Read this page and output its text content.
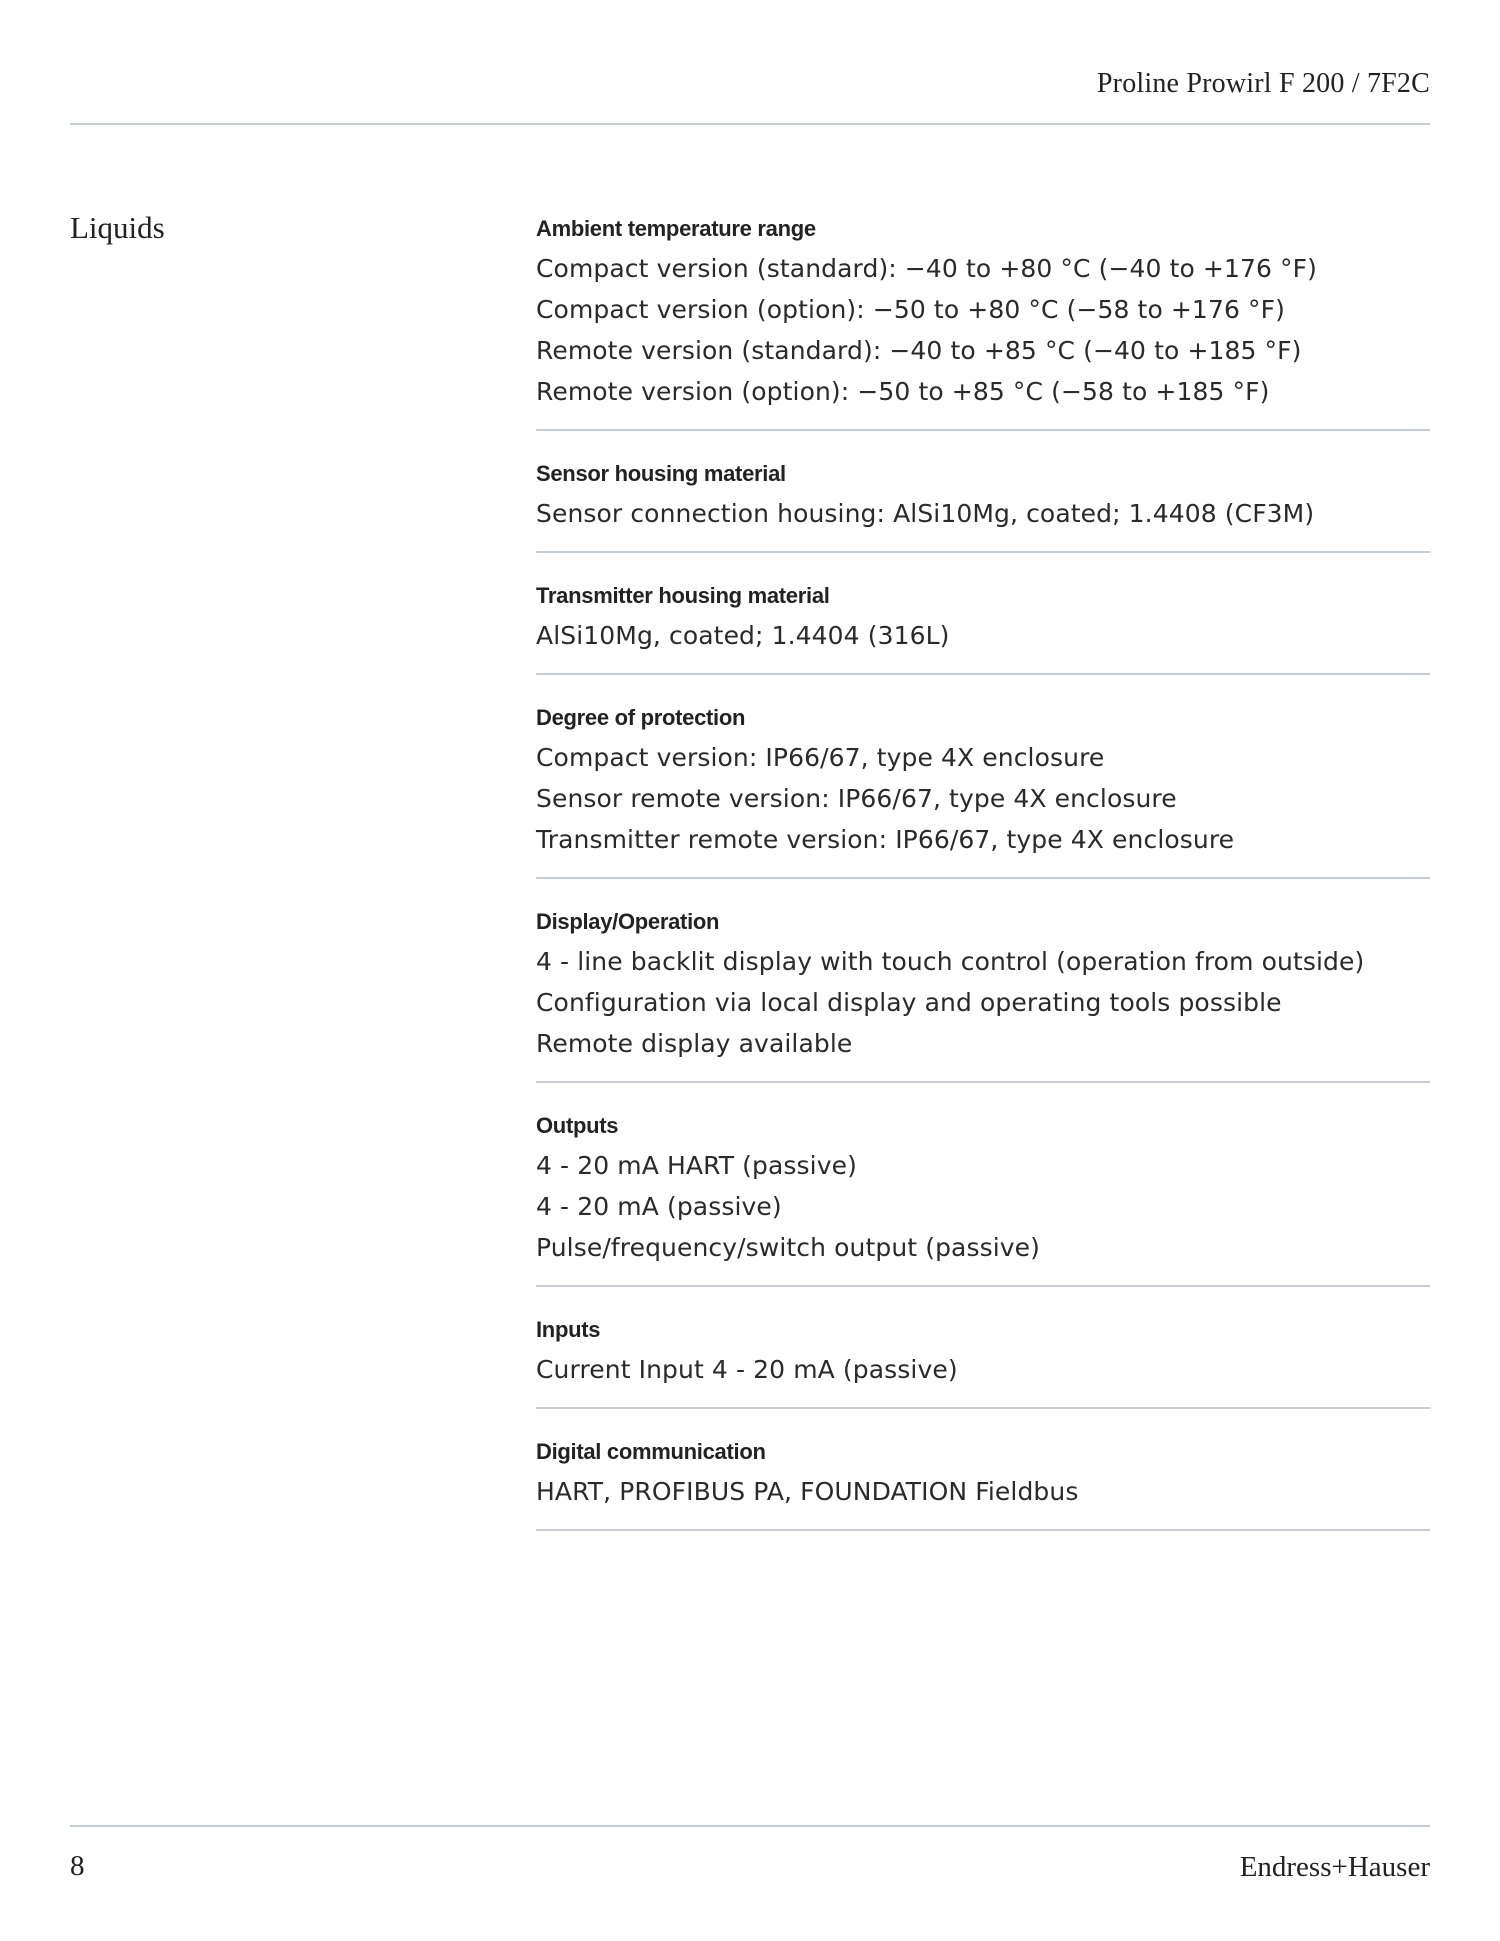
Proline Prowirl F 200 / 7F2C
Liquids	Ambient temperature range
Compact version (standard): −40 to +80 °C (−40 to +176 °F)
Compact version (option): −50 to +80 °C (−58 to +176 °F)
Remote version (standard): −40 to +85 °C (−40 to +185 °F)
Remote version (option): −50 to +85 °C (−58 to +185 °F)
Sensor housing material
Sensor connection housing: AlSi10Mg, coated; 1.4408 (CF3M)
Transmitter housing material
AlSi10Mg, coated; 1.4404 (316L)
Degree of protection
Compact version: IP66/67, type 4X enclosure
Sensor remote version: IP66/67, type 4X enclosure
Transmitter remote version: IP66/67, type 4X enclosure
Display/Operation
4 - line backlit display with touch control (operation from outside)
Configuration via local display and operating tools possible
Remote display available
Outputs
4 - 20 mA HART (passive)
4 - 20 mA (passive)
Pulse/frequency/switch output (passive)
Inputs
Current Input 4 - 20 mA (passive)
Digital communication
HART, PROFIBUS PA, FOUNDATION Fieldbus
8	Endress+Hauser
